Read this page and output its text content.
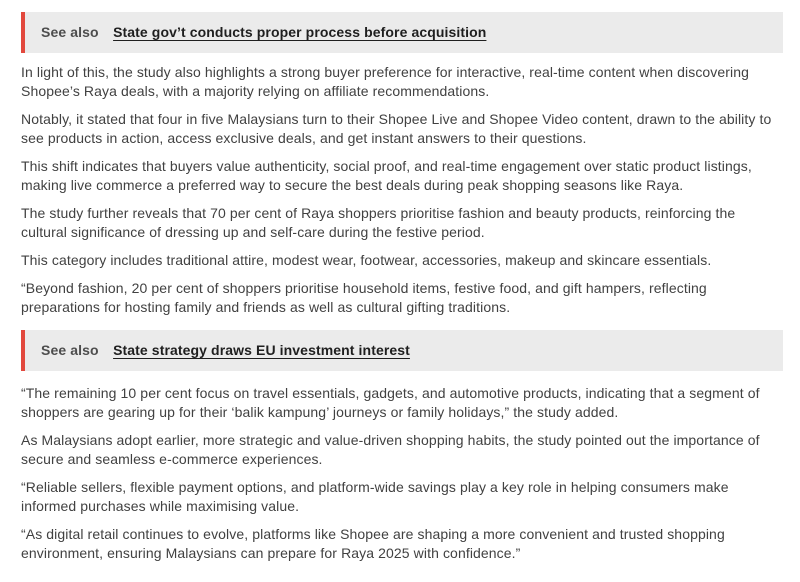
See also State gov’t conducts proper process before acquisition

In light of this, the study also highlights a strong buyer preference for interactive, real-time content when discovering Shopee’s Raya deals, with a majority relying on affiliate recommendations.

Notably, it stated that four in five Malaysians turn to their Shopee Live and Shopee Video content, drawn to the ability to see products in action, access exclusive deals, and get instant answers to their questions.

This shift indicates that buyers value authenticity, social proof, and real-time engagement over static product listings, making live commerce a preferred way to secure the best deals during peak shopping seasons like Raya.

The study further reveals that 70 per cent of Raya shoppers prioritise fashion and beauty products, reinforcing the cultural significance of dressing up and self-care during the festive period.

This category includes traditional attire, modest wear, footwear, accessories, makeup and skincare essentials.

“Beyond fashion, 20 per cent of shoppers prioritise household items, festive food, and gift hampers, reflecting preparations for hosting family and friends as well as cultural gifting traditions.

See also State strategy draws EU investment interest

“The remaining 10 per cent focus on travel essentials, gadgets, and automotive products, indicating that a segment of shoppers are gearing up for their ‘balik kampung’ journeys or family holidays,” the study added.

As Malaysians adopt earlier, more strategic and value-driven shopping habits, the study pointed out the importance of secure and seamless e-commerce experiences.

“Reliable sellers, flexible payment options, and platform-wide savings play a key role in helping consumers make informed purchases while maximising value.

“As digital retail continues to evolve, platforms like Shopee are shaping a more convenient and trusted shopping environment, ensuring Malaysians can prepare for Raya 2025 with confidence.”
